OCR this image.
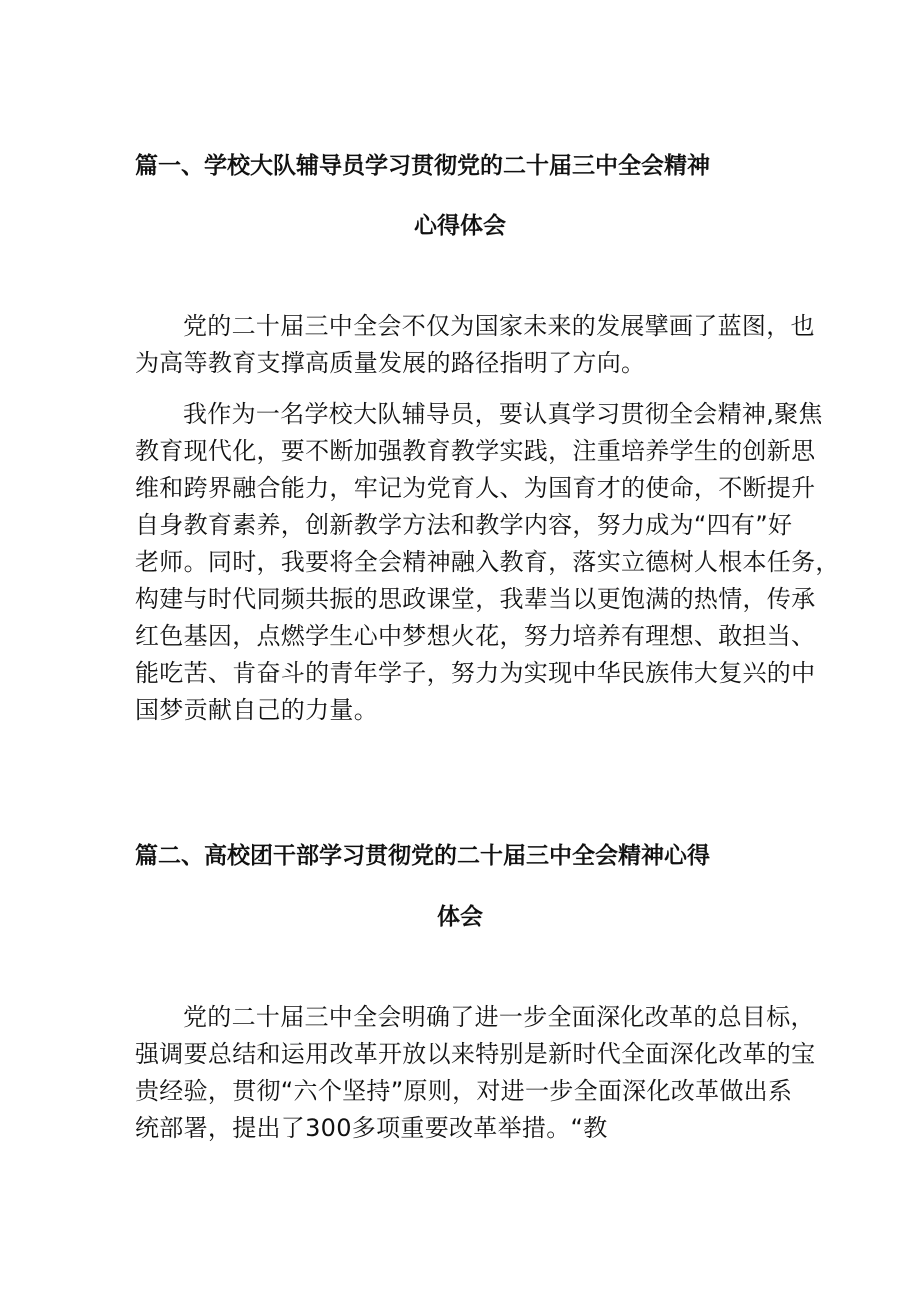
篇一、学校大队辅导员学习贯彻党的二十届三中全会精神
心得体会
党的二十届三中全会不仅为国家未来的发展擘画了蓝图，也
为高等教育支撑高质量发展的路径指明了方向。
我作为一名学校大队辅导员，要认真学习贯彻全会精神,聚焦
教育现代化，要不断加强教育教学实践，注重培养学生的创新思
维和跨界融合能力，牢记为党育人、为国育才的使命，不断提升
自身教育素养，创新教学方法和教学内容，努力成为“四有”好
老师。同时，我要将全会精神融入教育，落实立德树人根本任务，
构建与时代同频共振的思政课堂，我辈当以更饱满的热情，传承
红色基因，点燃学生心中梦想火花，努力培养有理想、敢担当、
能吃苦、肯奋斗的青年学子，努力为实现中华民族伟大复兴的中
国梦贡献自己的力量。
篇二、高校团干部学习贯彻党的二十届三中全会精神心得
体会
党的二十届三中全会明确了进一步全面深化改革的总目标，
强调要总结和运用改革开放以来特别是新时代全面深化改革的宝
贵经验，贯彻“六个坚持”原则，对进一步全面深化改革做出系
统部署，提出了300多项重要改革举措。“教
